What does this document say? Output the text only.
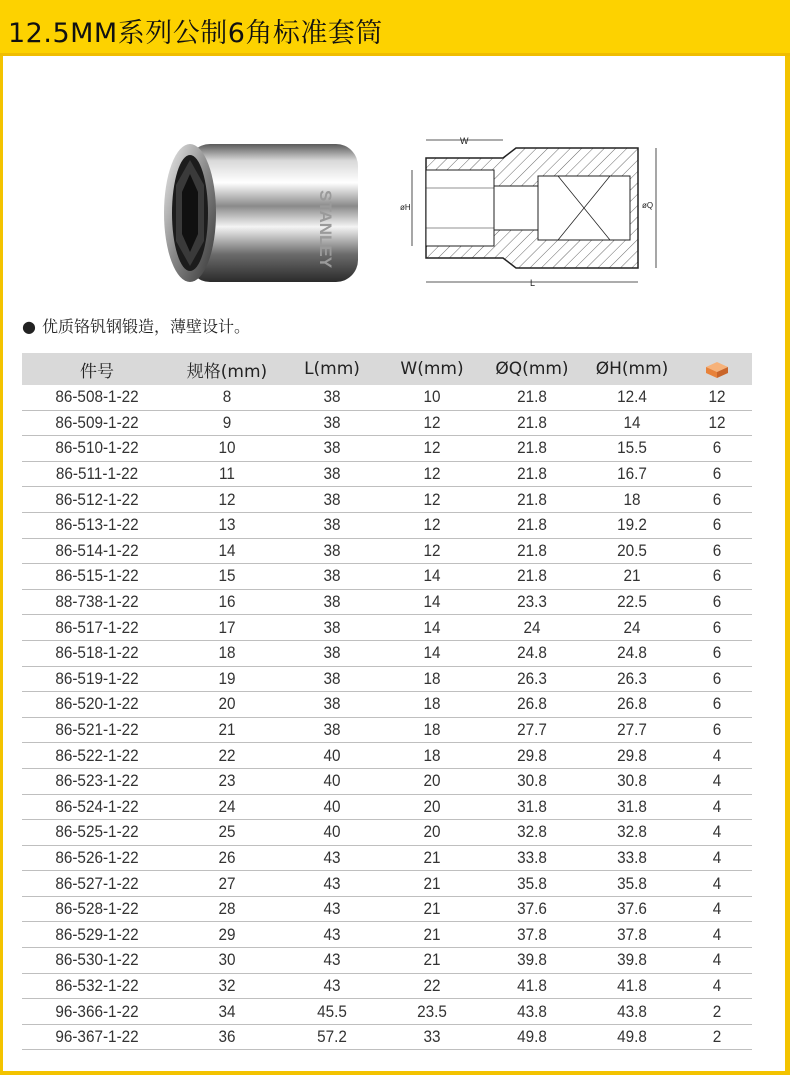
12.5MM系列公制6角标准套筒
STANLEY
W
øH	øQ
L
● 优质铬钒钢锻造，薄壁设计。
件号	规格(mm)	L(mm)	W(mm)	ØQ(mm)	ØH(mm)	
86-508-1-22	8	38	10	21.8	12.4	12
86-509-1-22	9	38	12	21.8	14	12
86-510-1-22	10	38	12	21.8	15.5	6
86-511-1-22	11	38	12	21.8	16.7	6
86-512-1-22	12	38	12	21.8	18	6
86-513-1-22	13	38	12	21.8	19.2	6
86-514-1-22	14	38	12	21.8	20.5	6
86-515-1-22	15	38	14	21.8	21	6
88-738-1-22	16	38	14	23.3	22.5	6
86-517-1-22	17	38	14	24	24	6
86-518-1-22	18	38	14	24.8	24.8	6
86-519-1-22	19	38	18	26.3	26.3	6
86-520-1-22	20	38	18	26.8	26.8	6
86-521-1-22	21	38	18	27.7	27.7	6
86-522-1-22	22	40	18	29.8	29.8	4
86-523-1-22	23	40	20	30.8	30.8	4
86-524-1-22	24	40	20	31.8	31.8	4
86-525-1-22	25	40	20	32.8	32.8	4
86-526-1-22	26	43	21	33.8	33.8	4
86-527-1-22	27	43	21	35.8	35.8	4
86-528-1-22	28	43	21	37.6	37.6	4
86-529-1-22	29	43	21	37.8	37.8	4
86-530-1-22	30	43	21	39.8	39.8	4
86-532-1-22	32	43	22	41.8	41.8	4
96-366-1-22	34	45.5	23.5	43.8	43.8	2
96-367-1-22	36	57.2	33	49.8	49.8	2
